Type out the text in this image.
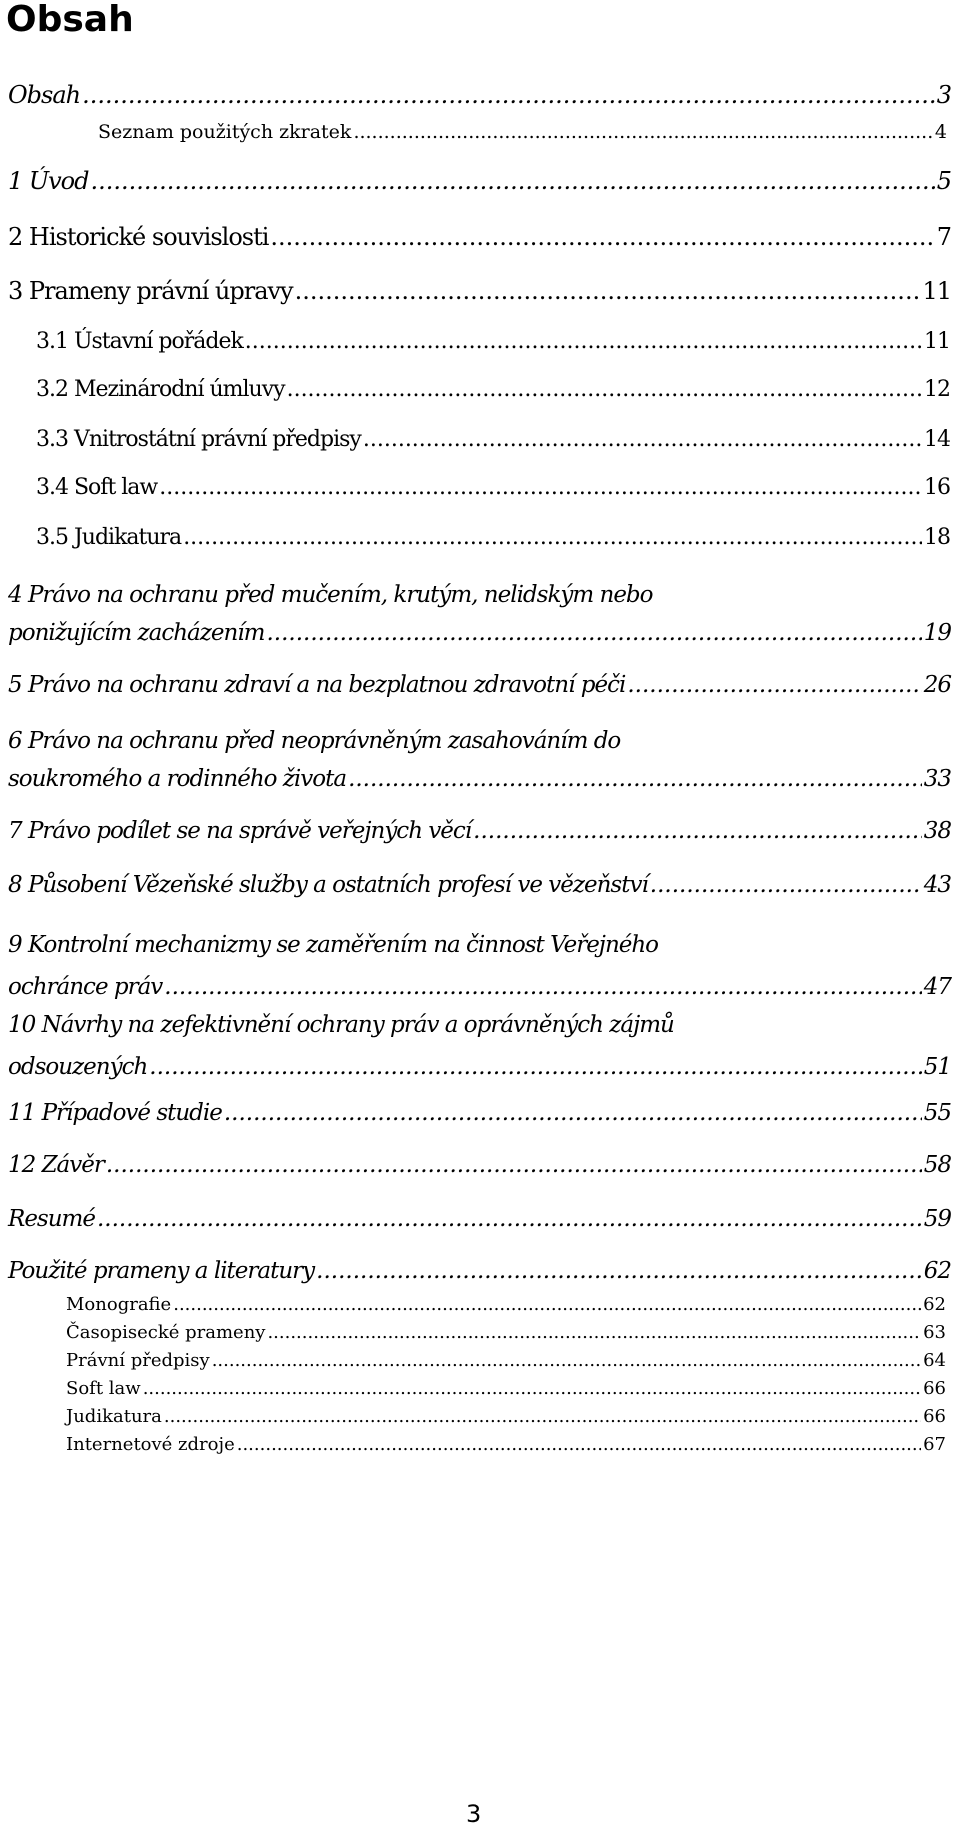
Obsah
Obsah .....	3
Seznam použitých zkratek .....	4
1 Úvod .....	5
2 Historické souvislosti .....	7
3 Prameny právní úpravy .....	11
3.1 Ústavní pořádek .....	11
3.2 Mezinárodní úmluvy .....	12
3.3 Vnitrostátní právní předpisy .....	14
3.4 Soft law .....	16
3.5 Judikatura .....	18
4 Právo na ochranu před mučením, krutým, nelidským nebo
ponižujícím zacházením .....	19
5 Právo na ochranu zdraví a na bezplatnou zdravotní péči .....	26
6 Právo na ochranu před neoprávněným zasahováním do
soukromého a rodinného života .....	33
7 Právo podílet se na správě veřejných věcí .....	38
8 Působení Vězeňské služby a ostatních profesí ve vězeňství .....	43
9 Kontrolní mechanizmy se zaměřením na činnost Veřejného
ochránce práv .....	47
10 Návrhy na zefektivnění ochrany práv a oprávněných zájmů
odsouzených .....	51
11 Případové studie .....	55
12 Závěr .....	58
Resumé .....	59
Použité prameny a literatury .....	62
Monografie .....	62
Časopisecké prameny .....	63
Právní předpisy .....	64
Soft law .....	66
Judikatura .....	66
Internetové zdroje .....	67
3
